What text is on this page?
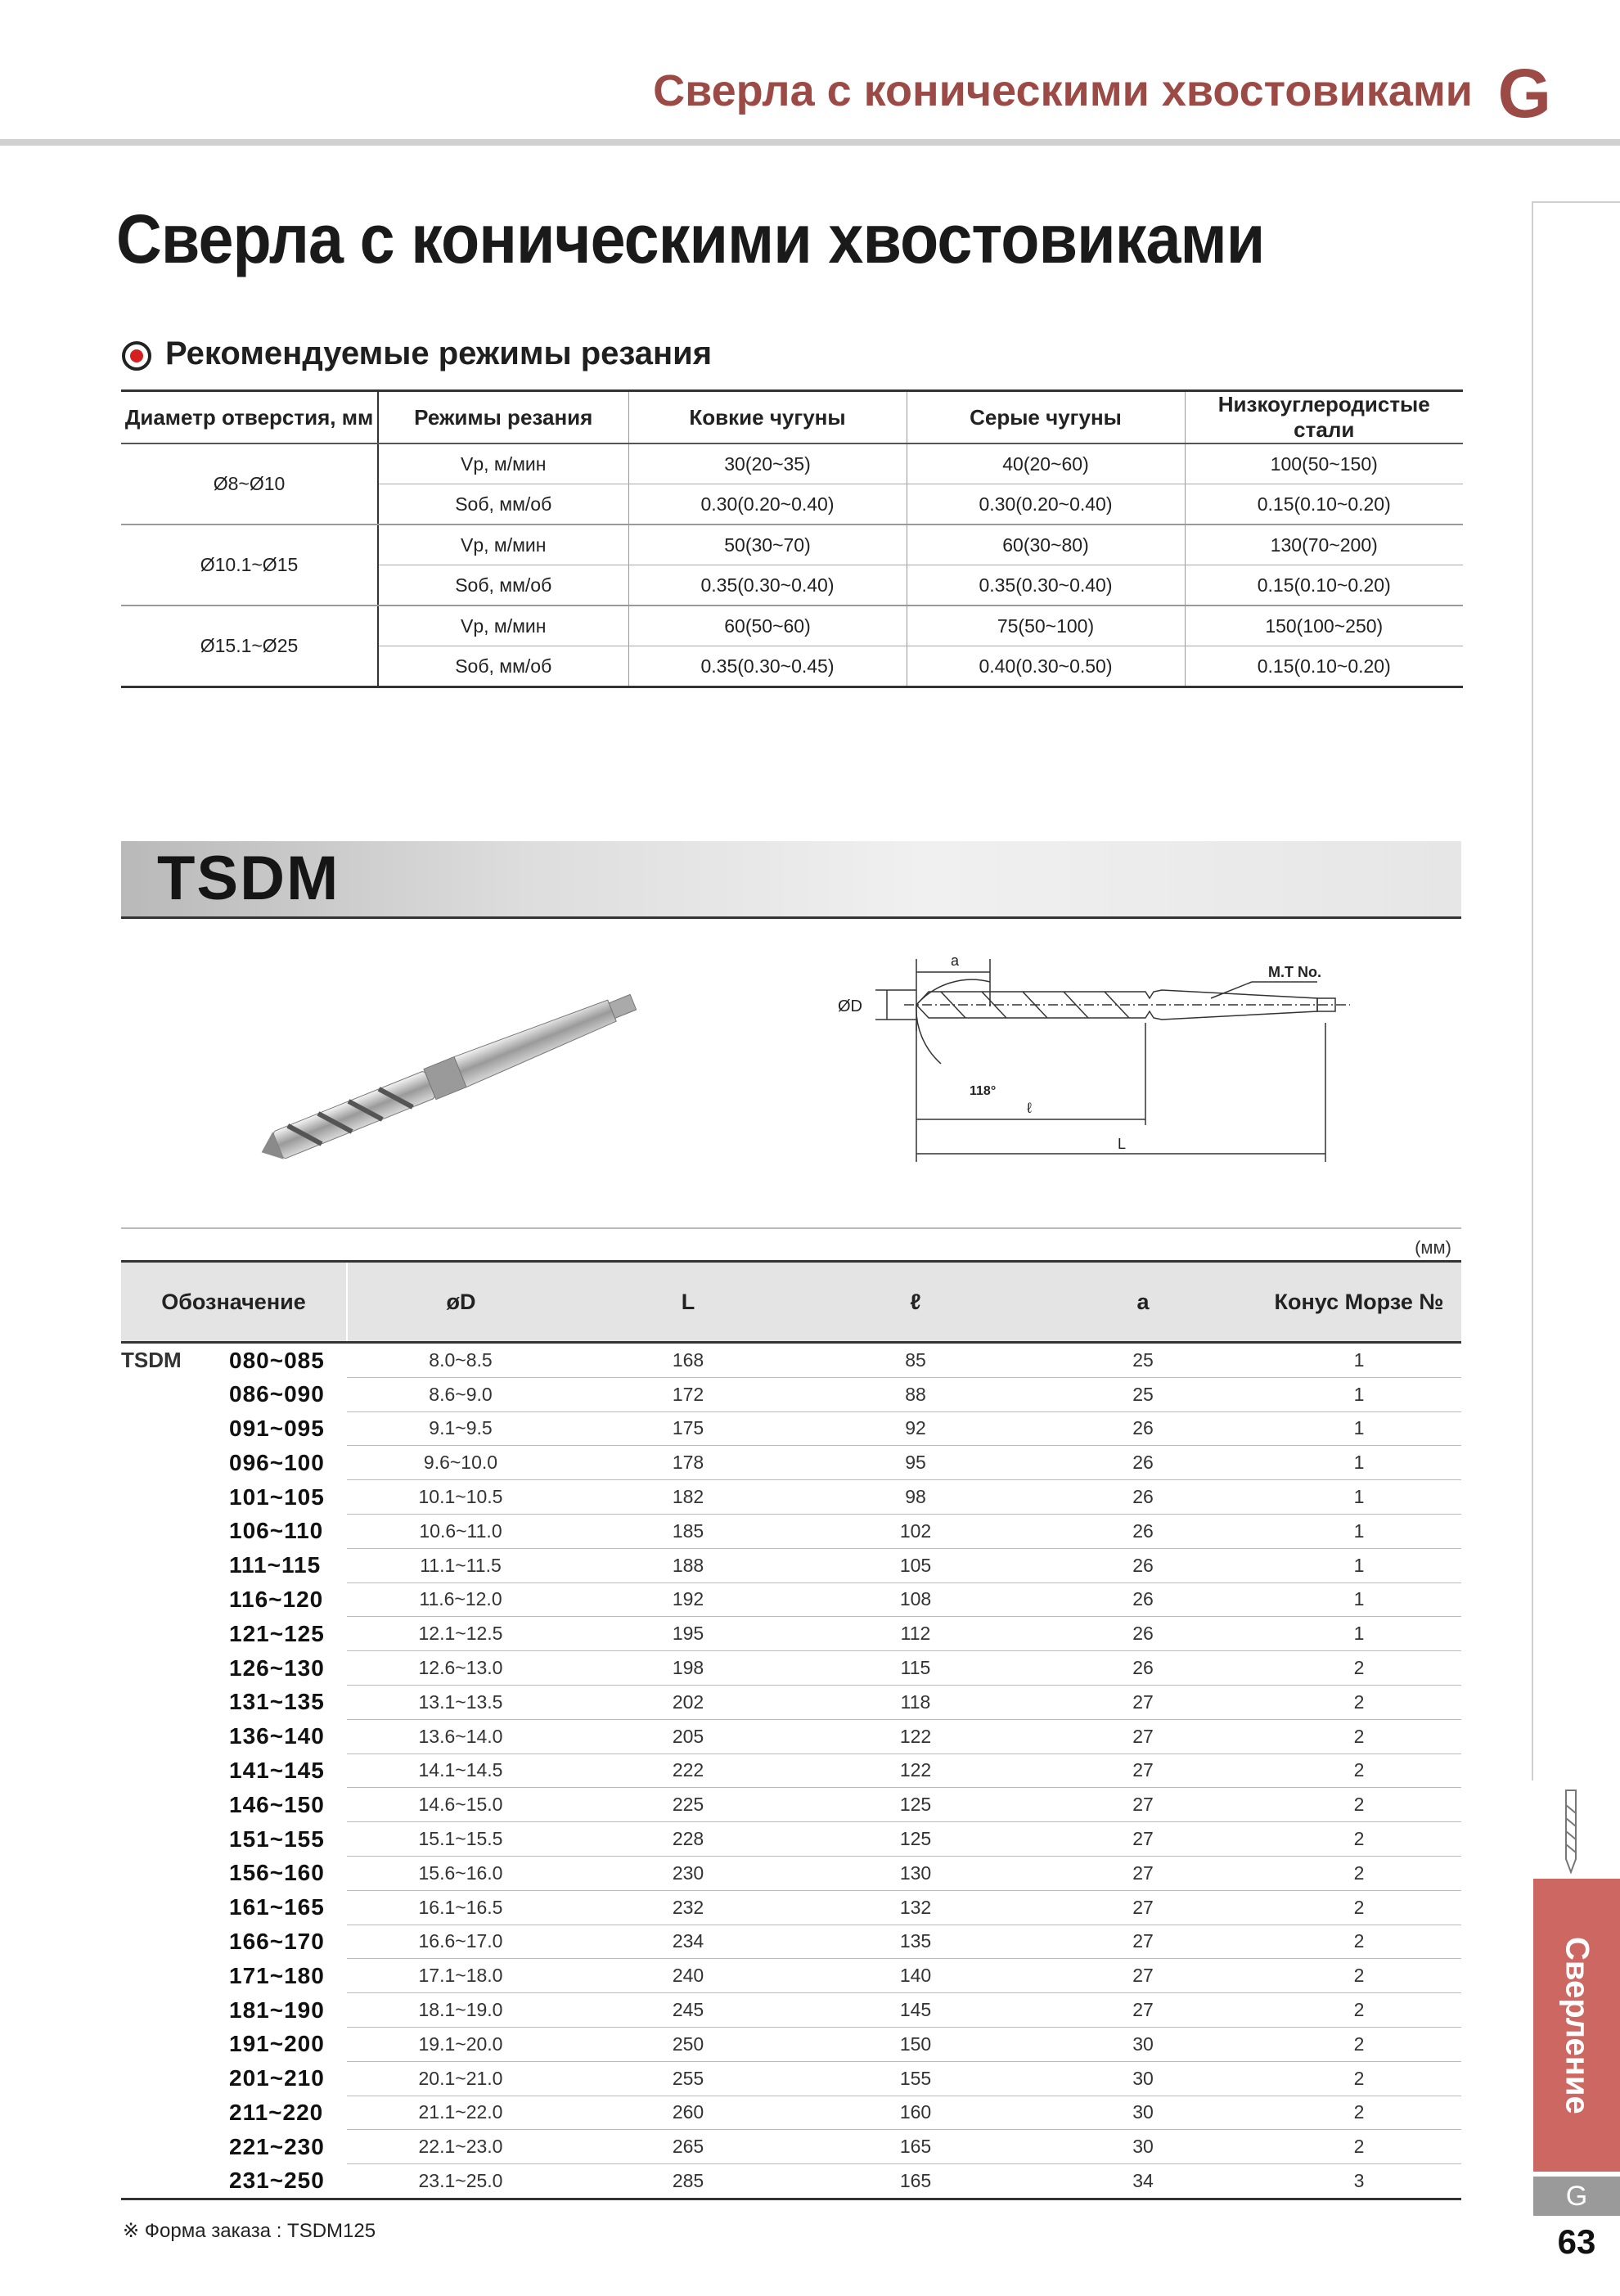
Сверла с коническими хвостовиками G
Сверление
G
63
Сверла с коническими хвостовиками
Рекомендуемые режимы резания
Диаметр отверстия, мм	Режимы резания	Ковкие чугуны	Серые чугуны	Низкоуглеродистые стали
Ø8~Ø10	Vр, м/мин	30(20~35)	40(20~60)	100(50~150)
	Sоб, мм/об	0.30(0.20~0.40)	0.30(0.20~0.40)	0.15(0.10~0.20)
Ø10.1~Ø15	Vр, м/мин	50(30~70)	60(30~80)	130(70~200)
	Sоб, мм/об	0.35(0.30~0.40)	0.35(0.30~0.40)	0.15(0.10~0.20)
Ø15.1~Ø25	Vр, м/мин	60(50~60)	75(50~100)	150(100~250)
	Sоб, мм/об	0.35(0.30~0.45)	0.40(0.30~0.50)	0.15(0.10~0.20)
TSDM
a
M.T No.
ØD
118°
ℓ
L
(мм)
Обозначение		øD	L	ℓ	a	Конус Морзе №
TSDM	080~085	8.0~8.5	168	85	25	1
	086~090	8.6~9.0	172	88	25	1
	091~095	9.1~9.5	175	92	26	1
	096~100	9.6~10.0	178	95	26	1
	101~105	10.1~10.5	182	98	26	1
	106~110	10.6~11.0	185	102	26	1
	111~115	11.1~11.5	188	105	26	1
	116~120	11.6~12.0	192	108	26	1
	121~125	12.1~12.5	195	112	26	1
	126~130	12.6~13.0	198	115	26	2
	131~135	13.1~13.5	202	118	27	2
	136~140	13.6~14.0	205	122	27	2
	141~145	14.1~14.5	222	122	27	2
	146~150	14.6~15.0	225	125	27	2
	151~155	15.1~15.5	228	125	27	2
	156~160	15.6~16.0	230	130	27	2
	161~165	16.1~16.5	232	132	27	2
	166~170	16.6~17.0	234	135	27	2
	171~180	17.1~18.0	240	140	27	2
	181~190	18.1~19.0	245	145	27	2
	191~200	19.1~20.0	250	150	30	2
	201~210	20.1~21.0	255	155	30	2
	211~220	21.1~22.0	260	160	30	2
	221~230	22.1~23.0	265	165	30	2
	231~250	23.1~25.0	285	165	34	3
※ Форма заказа : TSDM125
